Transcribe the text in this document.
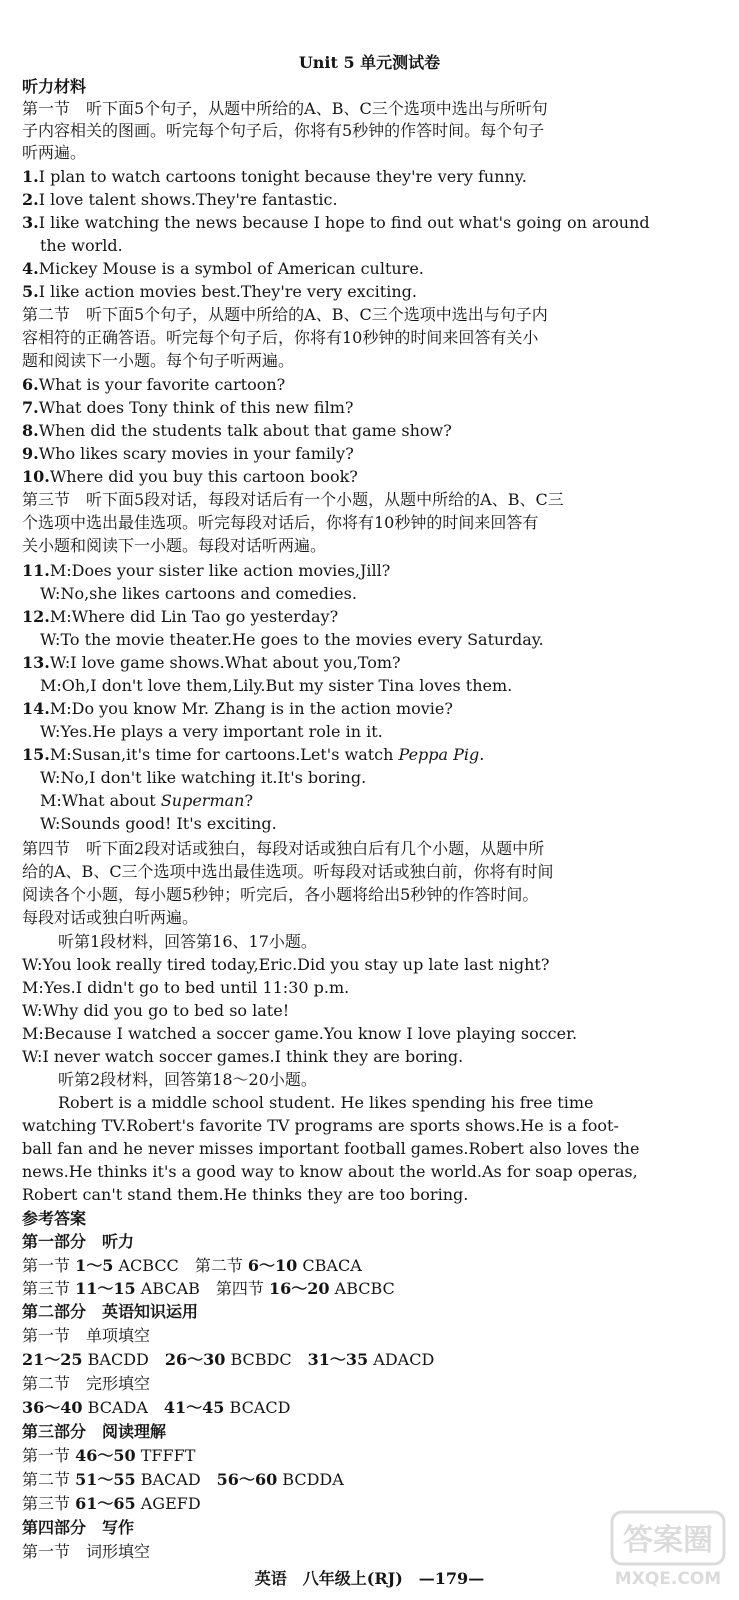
Unit 5 单元测试卷
听力材料
第一节　听下面5个句子，从题中所给的A、B、C三个选项中选出与所听句
子内容相关的图画。听完每个句子后，你将有5秒钟的作答时间。每个句子
听两遍。
1.I plan to watch cartoons tonight because they're very funny.
2.I love talent shows.They're fantastic.
3.I like watching the news because I hope to find out what's going on around
the world.
4.Mickey Mouse is a symbol of American culture.
5.I like action movies best.They're very exciting.
第二节　听下面5个句子，从题中所给的A、B、C三个选项中选出与句子内
容相符的正确答语。听完每个句子后，你将有10秒钟的时间来回答有关小
题和阅读下一小题。每个句子听两遍。
6.What is your favorite cartoon?
7.What does Tony think of this new film?
8.When did the students talk about that game show?
9.Who likes scary movies in your family?
10.Where did you buy this cartoon book?
第三节　听下面5段对话，每段对话后有一个小题，从题中所给的A、B、C三
个选项中选出最佳选项。听完每段对话后，你将有10秒钟的时间来回答有
关小题和阅读下一小题。每段对话听两遍。
11.M:Does your sister like action movies,Jill?
W:No,she likes cartoons and comedies.
12.M:Where did Lin Tao go yesterday?
W:To the movie theater.He goes to the movies every Saturday.
13.W:I love game shows.What about you,Tom?
M:Oh,I don't love them,Lily.But my sister Tina loves them.
14.M:Do you know Mr. Zhang is in the action movie?
W:Yes.He plays a very important role in it.
15.M:Susan,it's time for cartoons.Let's watch Peppa Pig.
W:No,I don't like watching it.It's boring.
M:What about Superman?
W:Sounds good! It's exciting.
第四节　听下面2段对话或独白，每段对话或独白后有几个小题，从题中所
给的A、B、C三个选项中选出最佳选项。听每段对话或独白前，你将有时间
阅读各个小题，每小题5秒钟；听完后，各小题将给出5秒钟的作答时间。
每段对话或独白听两遍。
听第1段材料，回答第16、17小题。
W:You look really tired today,Eric.Did you stay up late last night?
M:Yes.I didn't go to bed until 11:30 p.m.
W:Why did you go to bed so late!
M:Because I watched a soccer game.You know I love playing soccer.
W:I never watch soccer games.I think they are boring.
听第2段材料，回答第18～20小题。
Robert is a middle school student. He likes spending his free time
watching TV.Robert's favorite TV programs are sports shows.He is a foot-
ball fan and he never misses important football games.Robert also loves the
news.He thinks it's a good way to know about the world.As for soap operas,
Robert can't stand them.He thinks they are too boring.
参考答案
第一部分　听力
第一节 1～5 ACBCC　第二节 6～10 CBACA
第三节 11～15 ABCAB　第四节 16～20 ABCBC
第二部分　英语知识运用
第一节　单项填空
21～25 BACDD　26～30 BCBDC　31～35 ADACD
第二节　完形填空
36～40 BCADA　41～45 BCACD
第三部分　阅读理解
第一节 46～50 TFFFT
第二节 51～55 BACAD　56～60 BCDDA
第三节 61～65 AGEFD
第四部分　写作
第一节　词形填空
英语　八年级上(RJ)　—179—
答案圈
MXQE.COM
